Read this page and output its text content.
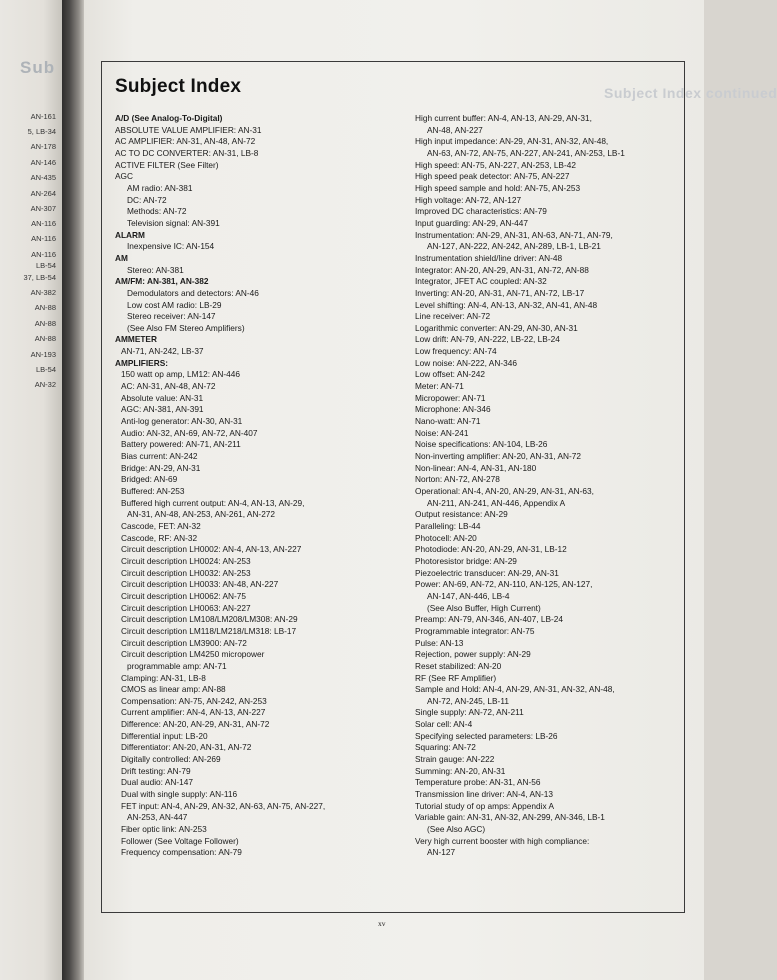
Sub
AN-161
5, LB-34
AN-178
AN-146
AN-435
AN-264
AN-307
AN-116
AN-116
AN-116
LB-54
37, LB-54
AN-382
AN-88
AN-88
AN-88
AN-193
LB-54
AN-32
Subject Index continued
Subject Index
A/D (See Analog-To-Digital)
ABSOLUTE VALUE AMPLIFIER: AN-31
AC AMPLIFIER: AN-31, AN-48, AN-72
AC TO DC CONVERTER: AN-31, LB-8
ACTIVE FILTER (See Filter)
AGC
AM radio: AN-381
DC: AN-72
Methods: AN-72
Television signal: AN-391
ALARM
Inexpensive IC: AN-154
AM
Stereo: AN-381
AM/FM: AN-381, AN-382
Demodulators and detectors: AN-46
Low cost AM radio: LB-29
Stereo receiver: AN-147
(See Also FM Stereo Amplifiers)
AMMETER
AN-71, AN-242, LB-37
AMPLIFIERS:
150 watt op amp, LM12: AN-446
AC: AN-31, AN-48, AN-72
Absolute value: AN-31
AGC: AN-381, AN-391
Anti-log generator: AN-30, AN-31
Audio: AN-32, AN-69, AN-72, AN-407
Battery powered: AN-71, AN-211
Bias current: AN-242
Bridge: AN-29, AN-31
Bridged: AN-69
Buffered: AN-253
Buffered high current output: AN-4, AN-13, AN-29,
AN-31, AN-48, AN-253, AN-261, AN-272
Cascode, FET: AN-32
Cascode, RF: AN-32
Circuit description LH0002: AN-4, AN-13, AN-227
Circuit description LH0024: AN-253
Circuit description LH0032: AN-253
Circuit description LH0033: AN-48, AN-227
Circuit description LH0062: AN-75
Circuit description LH0063: AN-227
Circuit description LM108/LM208/LM308: AN-29
Circuit description LM118/LM218/LM318: LB-17
Circuit description LM3900: AN-72
Circuit description LM4250 micropower
programmable amp: AN-71
Clamping: AN-31, LB-8
CMOS as linear amp: AN-88
Compensation: AN-75, AN-242, AN-253
Current amplifier: AN-4, AN-13, AN-227
Difference: AN-20, AN-29, AN-31, AN-72
Differential input: LB-20
Differentiator: AN-20, AN-31, AN-72
Digitally controlled: AN-269
Drift testing: AN-79
Dual audio: AN-147
Dual with single supply: AN-116
FET input: AN-4, AN-29, AN-32, AN-63, AN-75, AN-227,
AN-253, AN-447
Fiber optic link: AN-253
Follower (See Voltage Follower)
Frequency compensation: AN-79
High current buffer: AN-4, AN-13, AN-29, AN-31,
AN-48, AN-227
High input impedance: AN-29, AN-31, AN-32, AN-48,
AN-63, AN-72, AN-75, AN-227, AN-241, AN-253, LB-1
High speed: AN-75, AN-227, AN-253, LB-42
High speed peak detector: AN-75, AN-227
High speed sample and hold: AN-75, AN-253
High voltage: AN-72, AN-127
Improved DC characteristics: AN-79
Input guarding: AN-29, AN-447
Instrumentation: AN-29, AN-31, AN-63, AN-71, AN-79,
AN-127, AN-222, AN-242, AN-289, LB-1, LB-21
Instrumentation shield/line driver: AN-48
Integrator: AN-20, AN-29, AN-31, AN-72, AN-88
Integrator, JFET AC coupled: AN-32
Inverting: AN-20, AN-31, AN-71, AN-72, LB-17
Level shifting: AN-4, AN-13, AN-32, AN-41, AN-48
Line receiver: AN-72
Logarithmic converter: AN-29, AN-30, AN-31
Low drift: AN-79, AN-222, LB-22, LB-24
Low frequency: AN-74
Low noise: AN-222, AN-346
Low offset: AN-242
Meter: AN-71
Micropower: AN-71
Microphone: AN-346
Nano-watt: AN-71
Noise: AN-241
Noise specifications: AN-104, LB-26
Non-inverting amplifier: AN-20, AN-31, AN-72
Non-linear: AN-4, AN-31, AN-180
Norton: AN-72, AN-278
Operational: AN-4, AN-20, AN-29, AN-31, AN-63,
AN-211, AN-241, AN-446, Appendix A
Output resistance: AN-29
Paralleling: LB-44
Photocell: AN-20
Photodiode: AN-20, AN-29, AN-31, LB-12
Photoresistor bridge: AN-29
Piezoelectric transducer: AN-29, AN-31
Power: AN-69, AN-72, AN-110, AN-125, AN-127,
AN-147, AN-446, LB-4
(See Also Buffer, High Current)
Preamp: AN-79, AN-346, AN-407, LB-24
Programmable integrator: AN-75
Pulse: AN-13
Rejection, power supply: AN-29
Reset stabilized: AN-20
RF (See RF Amplifier)
Sample and Hold: AN-4, AN-29, AN-31, AN-32, AN-48,
AN-72, AN-245, LB-11
Single supply: AN-72, AN-211
Solar cell: AN-4
Specifying selected parameters: LB-26
Squaring: AN-72
Strain gauge: AN-222
Summing: AN-20, AN-31
Temperature probe: AN-31, AN-56
Transmission line driver: AN-4, AN-13
Tutorial study of op amps: Appendix A
Variable gain: AN-31, AN-32, AN-299, AN-346, LB-1
(See Also AGC)
Very high current booster with high compliance:
AN-127
xv
